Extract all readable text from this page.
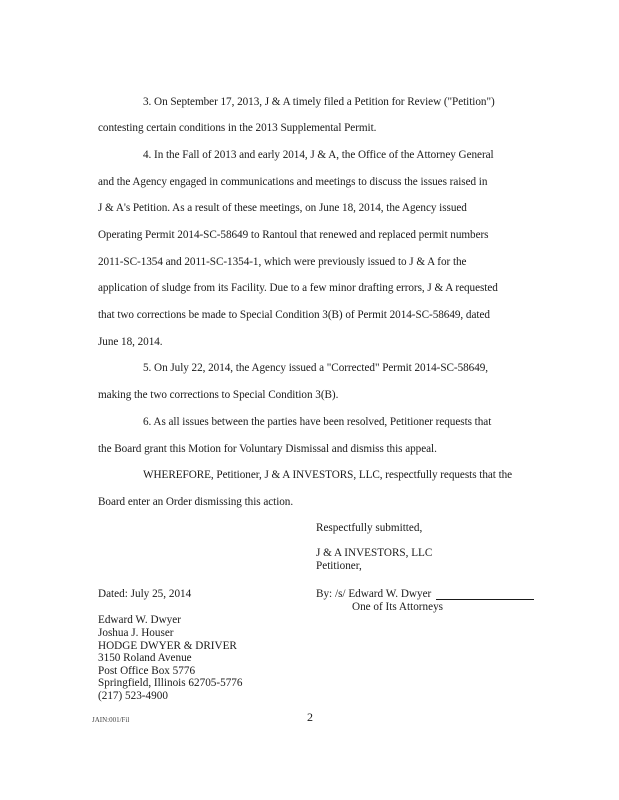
3. On September 17, 2013, J & A timely filed a Petition for Review ("Petition")
contesting certain conditions in the 2013 Supplemental Permit.
4. In the Fall of 2013 and early 2014, J & A, the Office of the Attorney General
and the Agency engaged in communications and meetings to discuss the issues raised in
J & A's Petition. As a result of these meetings, on June 18, 2014, the Agency issued
Operating Permit 2014-SC-58649 to Rantoul that renewed and replaced permit numbers
2011-SC-1354 and 2011-SC-1354-1, which were previously issued to J & A for the
application of sludge from its Facility. Due to a few minor drafting errors, J & A requested
that two corrections be made to Special Condition 3(B) of Permit 2014-SC-58649, dated
June 18, 2014.
5. On July 22, 2014, the Agency issued a "Corrected" Permit 2014-SC-58649,
making the two corrections to Special Condition 3(B).
6. As all issues between the parties have been resolved, Petitioner requests that
the Board grant this Motion for Voluntary Dismissal and dismiss this appeal.
WHEREFORE, Petitioner, J & A INVESTORS, LLC, respectfully requests that the
Board enter an Order dismissing this action.
Respectfully submitted,
J & A INVESTORS, LLC
Petitioner,
Dated: July 25, 2014	By: /s/ Edward W. Dwyer
One of Its Attorneys
Edward W. Dwyer
Joshua J. Houser
HODGE DWYER & DRIVER
3150 Roland Avenue
Post Office Box 5776
Springfield, Illinois 62705-5776
(217) 523-4900
JAIN:001/Fil	2
